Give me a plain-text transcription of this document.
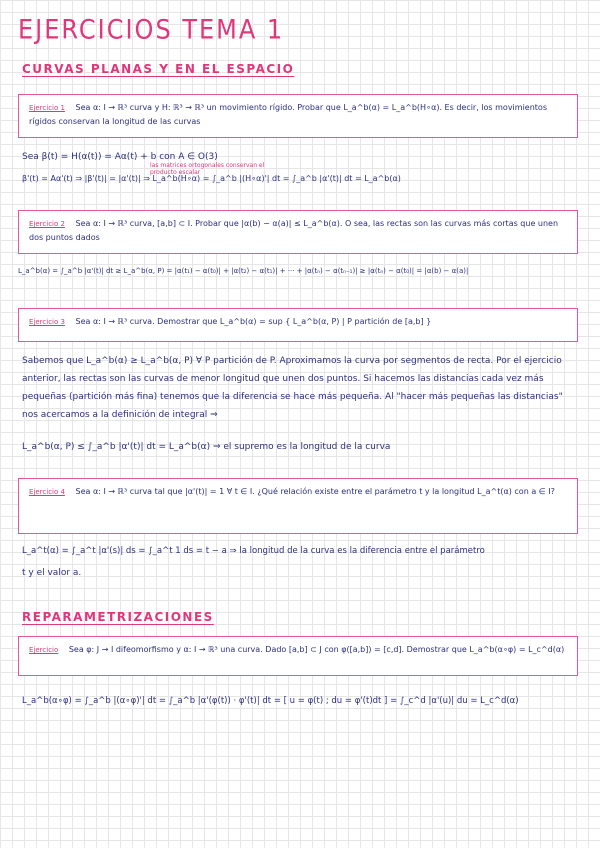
EJERCICIOS TEMA 1
CURVAS PLANAS Y EN EL ESPACIO
Ejercicio 1 Sea α: I → ℝ³ curva y H: ℝ³ → ℝ³ un movimiento rígido. Probar que L_a^b(α) = L_a^b(H∘α). Es decir, los movimientos rígidos conservan la longitud de las curvas

Sea β(t) = H(α(t)) = Aα(t) + b con A ∈ O(3)

las matrices ortogonales conservan el producto escalar

β'(t) = Aα'(t) ⇒ |β'(t)| = |α'(t)| ⇒ L_a^b(H∘α) = ∫_a^b |(H∘α)'| dt = ∫_a^b |α'(t)| dt = L_a^b(α)

Ejercicio 2 Sea α: I → ℝ³ curva, [a,b] ⊂ I. Probar que |α(b) − α(a)| ≤ L_a^b(α). O sea, las rectas son las curvas más cortas que unen dos puntos dados

L_a^b(α) = ∫_a^b |α'(t)| dt ≥ L_a^b(α, P) = |α(t₁) − α(t₀)| + |α(t₂) − α(t₁)| + ··· + |α(tₙ) − α(tₙ₋₁)| ≥ |α(tₙ) − α(t₀)| = |α(b) − α(a)|

Ejercicio 3 Sea α: I → ℝ³ curva. Demostrar que L_a^b(α) = sup { L_a^b(α, P) | P partición de [a,b] }

Sabemos que L_a^b(α) ≥ L_a^b(α, P) ∀ P partición de P. Aproximamos la curva por segmentos de recta. Por el ejercicio anterior, las rectas son las curvas de menor longitud que unen dos puntos. Si hacemos las distancias cada vez más pequeñas (partición más fina) tenemos que la diferencia se hace más pequeña. Al "hacer más pequeñas las distancias" nos acercamos a la definición de integral ⇒

L_a^b(α, P) ≤ ∫_a^b |α'(t)| dt = L_a^b(α) ⇒ el supremo es la longitud de la curva

Ejercicio 4 Sea α: I → ℝ³ curva tal que |α'(t)| = 1 ∀ t ∈ I. ¿Qué relación existe entre el parámetro t y la longitud L_a^t(α) con a ∈ I?

L_a^t(α) = ∫_a^t |α'(s)| ds = ∫_a^t 1 ds = t − a ⇒ la longitud de la curva es la diferencia entre el parámetro

t y el valor a.

REPARAMETRIZACIONES
Ejercicio Sea φ: J → I difeomorfismo y α: I → ℝ³ una curva. Dado [a,b] ⊂ J con φ([a,b]) = [c,d]. Demostrar que L_a^b(α∘φ) = L_c^d(α)

L_a^b(α∘φ) = ∫_a^b |(α∘φ)'| dt = ∫_a^b |α'(φ(t)) · φ'(t)| dt = [ u = φ(t) ; du = φ'(t)dt ] = ∫_c^d |α'(u)| du = L_c^d(α)
